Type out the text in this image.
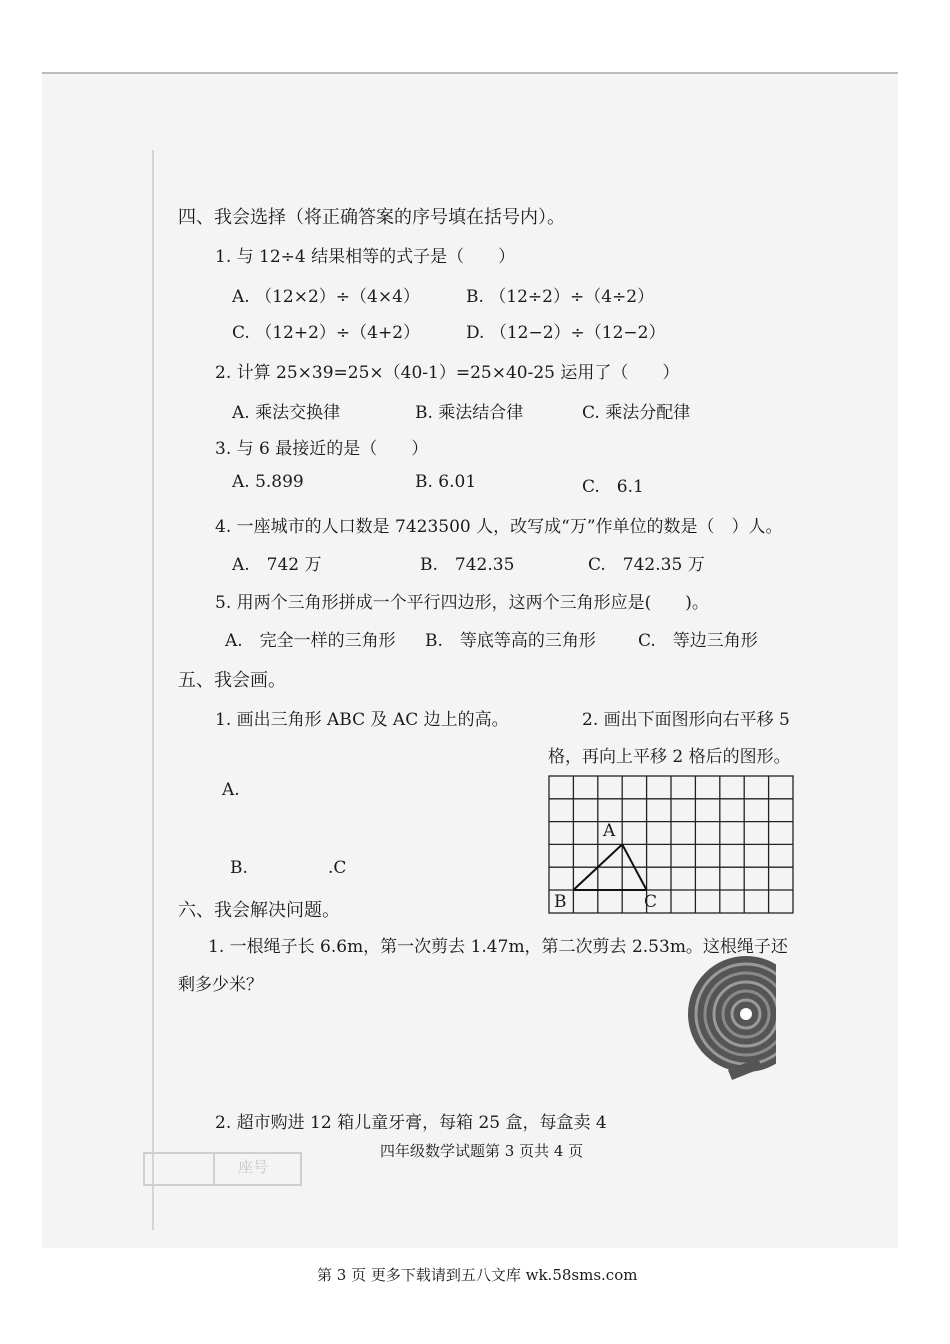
四、我会选择（将正确答案的序号填在括号内）。
1. 与 12÷4 结果相等的式子是（　　）
A. （12×2）÷（4×4）	B. （12÷2）÷（4÷2）
C. （12+2）÷（4+2）	D. （12−2）÷（12−2）
2. 计算 25×39=25×（40-1）=25×40-25 运用了（　　）
A. 乘法交换律	B. 乘法结合律	C. 乘法分配律
3. 与 6 最接近的是（　　）
A. 5.899	B. 6.01	C.　6.1
4. 一座城市的人口数是 7423500 人，改写成“万”作单位的数是（　）人。
A.　742 万	B.　742.35	C.　742.35 万
5. 用两个三角形拼成一个平行四边形，这两个三角形应是(　　)。
A.　完全一样的三角形 B.　等底等高的三角形 C.　等边三角形
五、我会画。
1. 画出三角形 ABC 及 AC 边上的高。	2. 画出下面图形向右平移 5
格，再向上平移 2 格后的图形。
A.
B.	.C
A
B	C
六、我会解决问题。
1. 一根绳子长 6.6m，第一次剪去 1.47m，第二次剪去 2.53m。这根绳子还
剩多少米？
2. 超市购进 12 箱儿童牙膏，每箱 25 盒，每盒卖 4
四年级数学试题第 3 页共 4 页
座号
第 3 页 更多下载请到五八文库 wk.58sms.com
